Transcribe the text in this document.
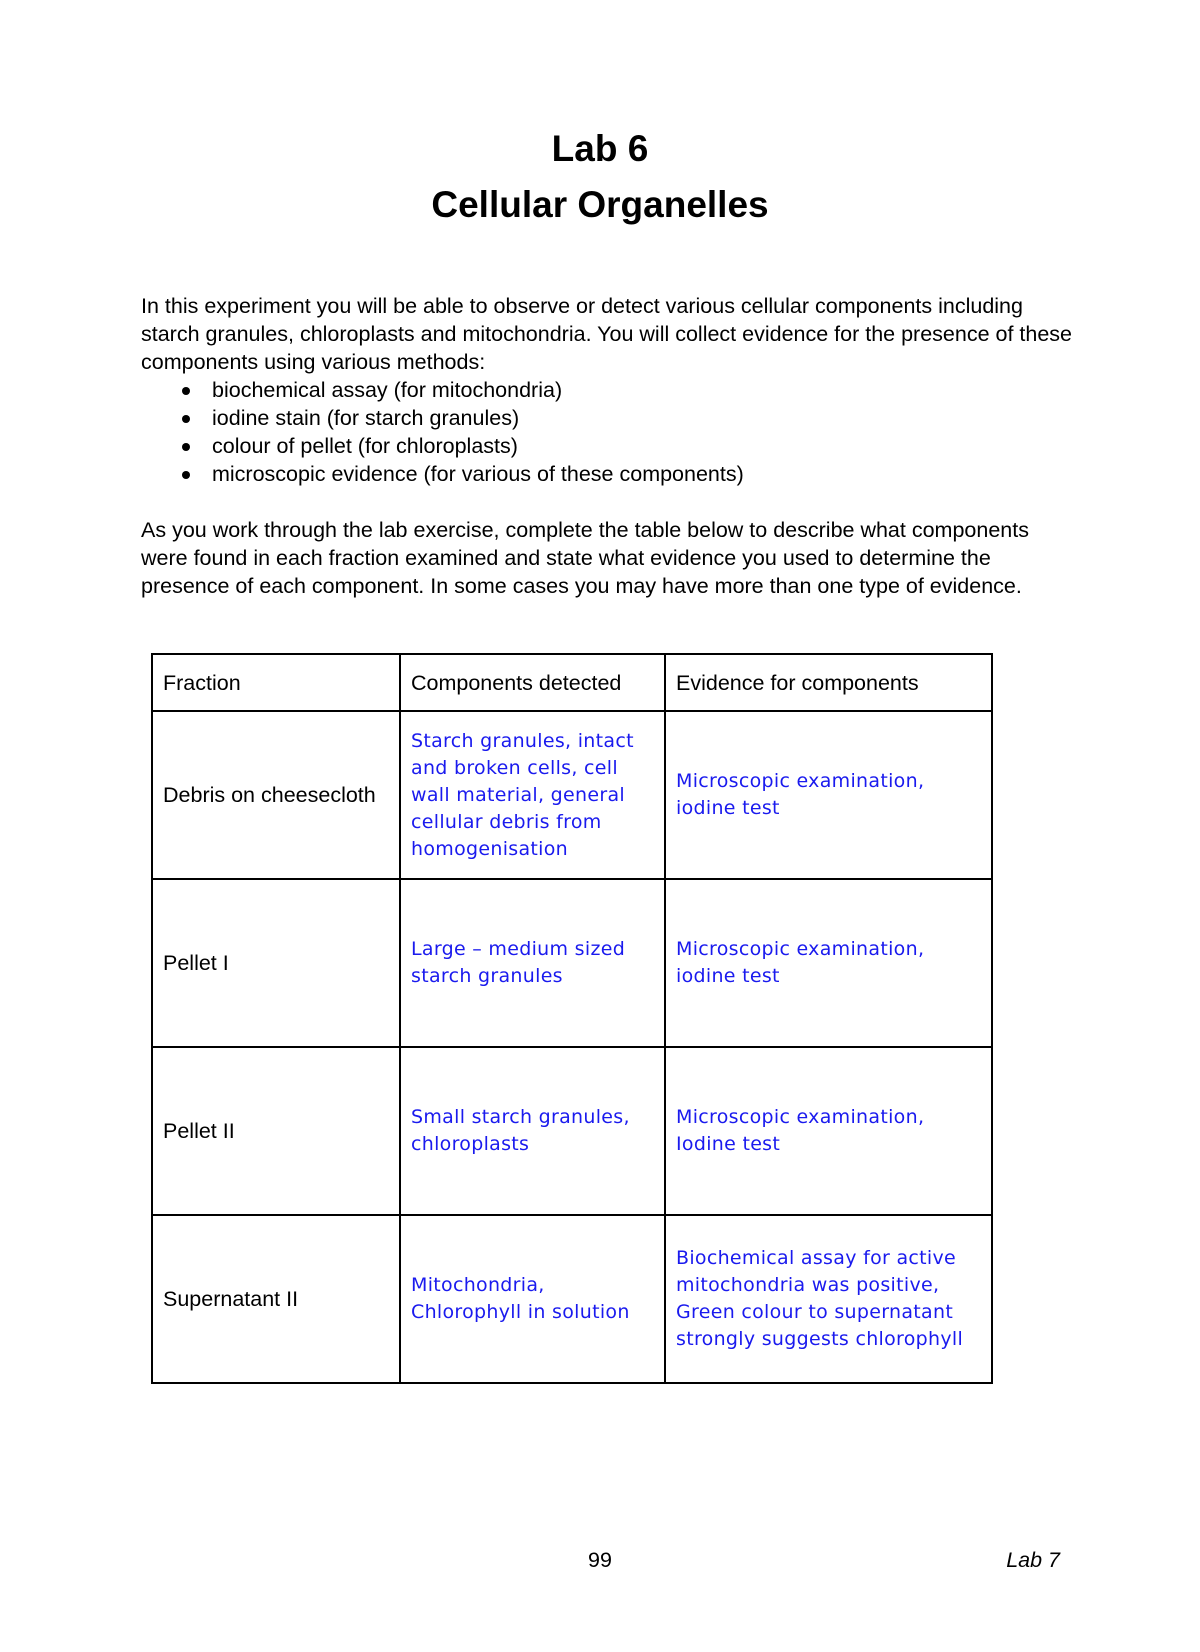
Lab 6
Cellular Organelles

In this experiment you will be able to observe or detect various cellular components including starch granules, chloroplasts and mitochondria. You will collect evidence for the presence of these components using various methods:

biochemical assay (for mitochondria)
iodine stain (for starch granules)
colour of pellet (for chloroplasts)
microscopic evidence (for various of these components)

As you work through the lab exercise, complete the table below to describe what components were found in each fraction examined and state what evidence you used to determine the presence of each component. In some cases you may have more than one type of evidence.

Fraction	Components detected	Evidence for components
Debris on cheesecloth	Starch granules, intact and broken cells, cell wall material, general cellular debris from homogenisation	Microscopic examination, iodine test
Pellet I	Large – medium sized starch granules	Microscopic examination, iodine test
Pellet II	Small starch granules, chloroplasts	Microscopic examination, Iodine test
Supernatant II	Mitochondria, Chlorophyll in solution	Biochemical assay for active mitochondria was positive, Green colour to supernatant strongly suggests chlorophyll
99	Lab 7
